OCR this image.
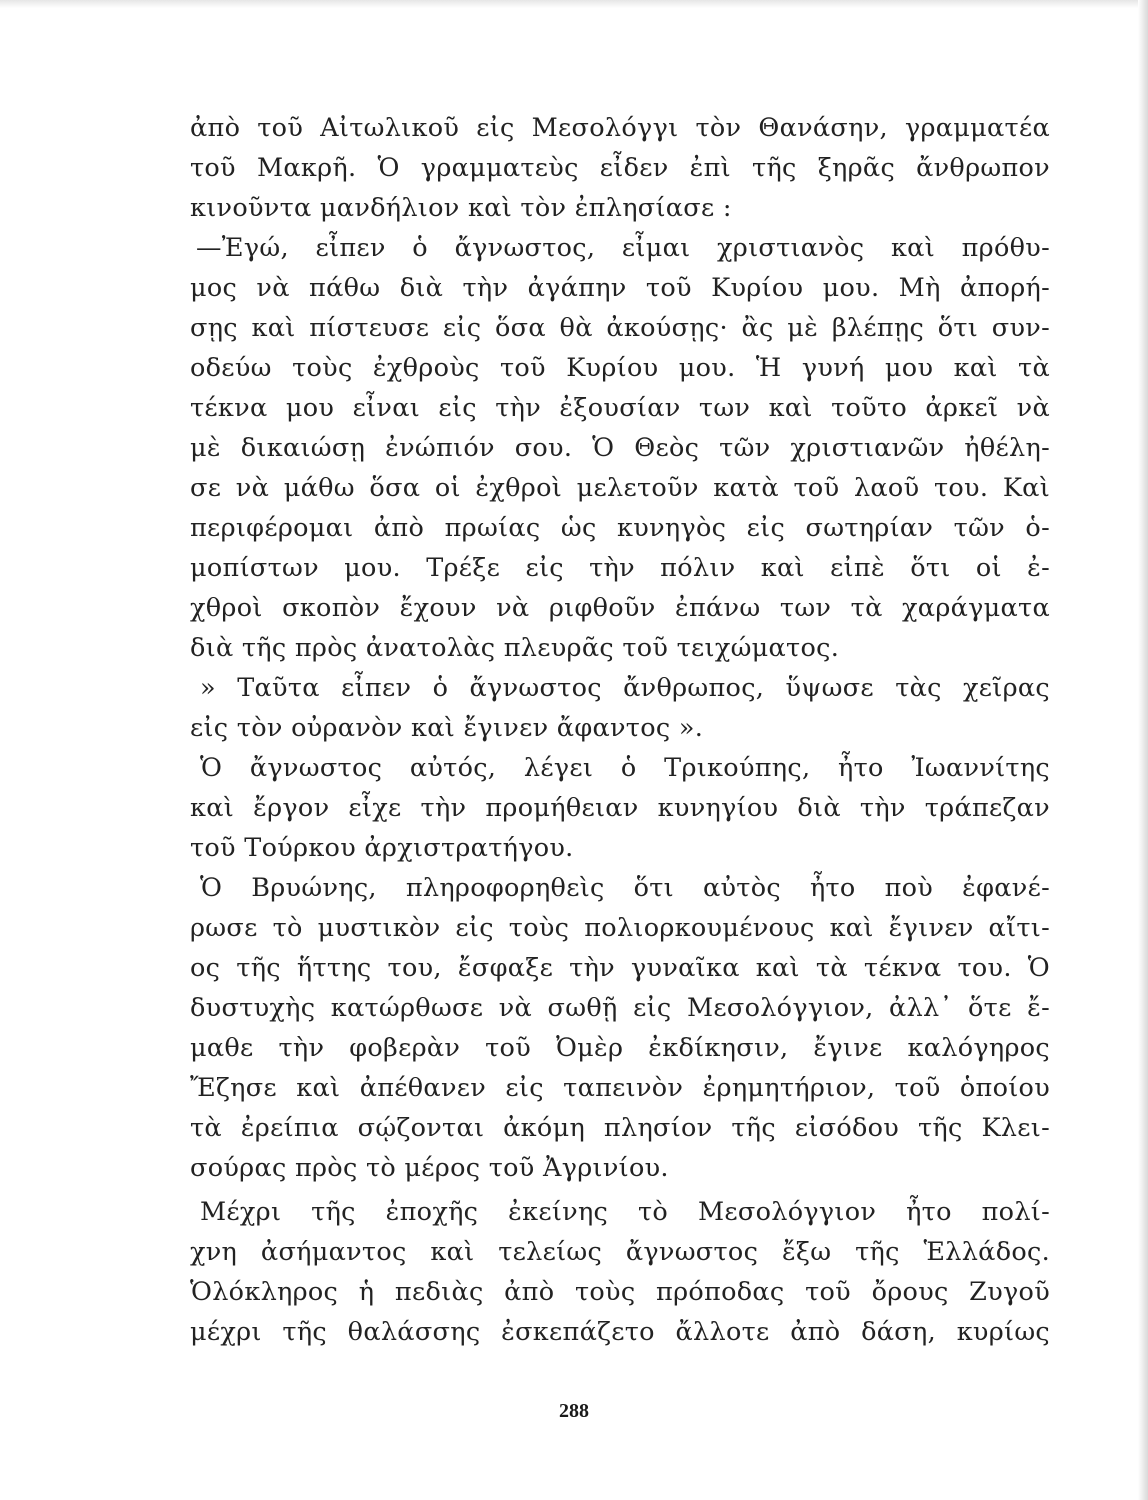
ἀπὸ τοῦ Αἰτωλικοῦ εἰς Μεσολόγγι τὸν Θανάσην, γραμματέα
τοῦ Μακρῆ. Ὁ γραμματεὺς εἶδεν ἐπὶ τῆς ξηρᾶς ἄνθρωπον
κινοῦντα μανδήλιον καὶ τὸν ἐπλησίασε :
—Ἐγώ, εἶπεν ὁ ἄγνωστος, εἶμαι χριστιανὸς καὶ πρόθυ-
μος νὰ πάθω διὰ τὴν ἀγάπην τοῦ Κυρίου μου. Μὴ ἀπορή-
σῃς καὶ πίστευσε εἰς ὅσα θὰ ἀκούσῃς· ἂς μὲ βλέπῃς ὅτι συν-
οδεύω τοὺς ἐχθροὺς τοῦ Κυρίου μου. Ἡ γυνή μου καὶ τὰ
τέκνα μου εἶναι εἰς τὴν ἐξουσίαν των καὶ τοῦτο ἀρκεῖ νὰ
μὲ δικαιώσῃ ἐνώπιόν σου. Ὁ Θεὸς τῶν χριστιανῶν ἠθέλη-
σε νὰ μάθω ὅσα οἱ ἐχθροὶ μελετοῦν κατὰ τοῦ λαοῦ του. Καὶ
περιφέρομαι ἀπὸ πρωίας ὡς κυνηγὸς εἰς σωτηρίαν τῶν ὁ-
μοπίστων μου. Τρέξε εἰς τὴν πόλιν καὶ εἰπὲ ὅτι οἱ ἐ-
χθροὶ σκοπὸν ἔχουν νὰ ριφθοῦν ἐπάνω των τὰ χαράγματα
διὰ τῆς πρὸς ἀνατολὰς πλευρᾶς τοῦ τειχώματος.
» Ταῦτα εἶπεν ὁ ἄγνωστος ἄνθρωπος, ὕψωσε τὰς χεῖρας
εἰς τὸν οὐρανὸν καὶ ἔγινεν ἄφαντος ».
Ὁ ἄγνωστος αὐτός, λέγει ὁ Τρικούπης, ἦτο Ἰωαννίτης
καὶ ἔργον εἶχε τὴν προμήθειαν κυνηγίου διὰ τὴν τράπεζαν
τοῦ Τούρκου ἀρχιστρατήγου.
Ὁ Βρυώνης, πληροφορηθεὶς ὅτι αὐτὸς ἦτο ποὺ ἐφανέ-
ρωσε τὸ μυστικὸν εἰς τοὺς πολιορκουμένους καὶ ἔγινεν αἴτι-
ος τῆς ἥττης του, ἔσφαξε τὴν γυναῖκα καὶ τὰ τέκνα του. Ὁ
δυστυχὴς κατώρθωσε νὰ σωθῇ εἰς Μεσολόγγιον, ἀλλ᾽ ὅτε ἔ-
μαθε τὴν φοβερὰν τοῦ Ὀμὲρ ἐκδίκησιν, ἔγινε καλόγηρος
Ἔζησε καὶ ἀπέθανεν εἰς ταπεινὸν ἐρημητήριον, τοῦ ὁποίου
τὰ ἐρείπια σῴζονται ἀκόμη πλησίον τῆς εἰσόδου τῆς Κλει-
σούρας πρὸς τὸ μέρος τοῦ Ἀγρινίου.
Μέχρι τῆς ἐποχῆς ἐκείνης τὸ Μεσολόγγιον ἦτο πολί-
χνη ἀσήμαντος καὶ τελείως ἄγνωστος ἔξω τῆς Ἑλλάδος.
Ὁλόκληρος ἡ πεδιὰς ἀπὸ τοὺς πρόποδας τοῦ ὄρους Ζυγοῦ
μέχρι τῆς θαλάσσης ἐσκεπάζετο ἄλλοτε ἀπὸ δάση, κυρίως
288
